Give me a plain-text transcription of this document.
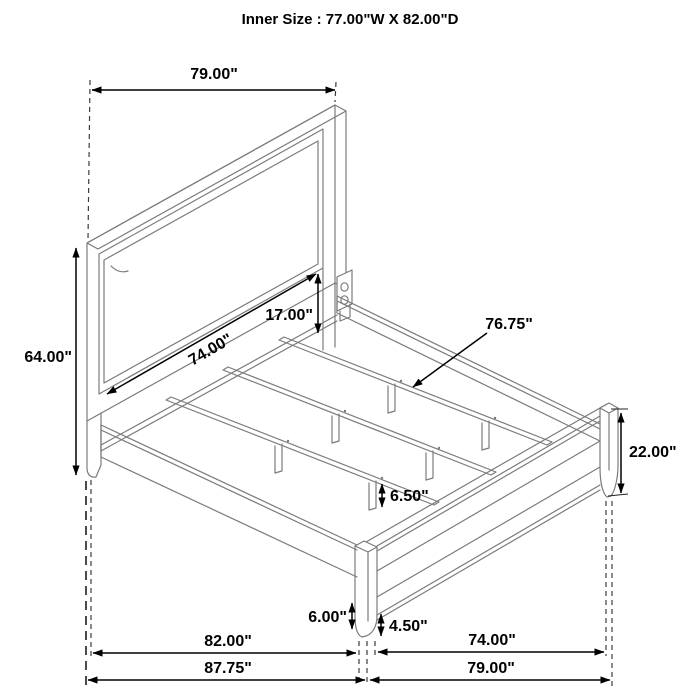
Inner Size : 77.00"W X 82.00"D
79.00"
64.00"
17.00"
74.00"
76.75"
22.00"
6.50"
6.00"
4.50"
82.00"
87.75"
74.00"
79.00"
